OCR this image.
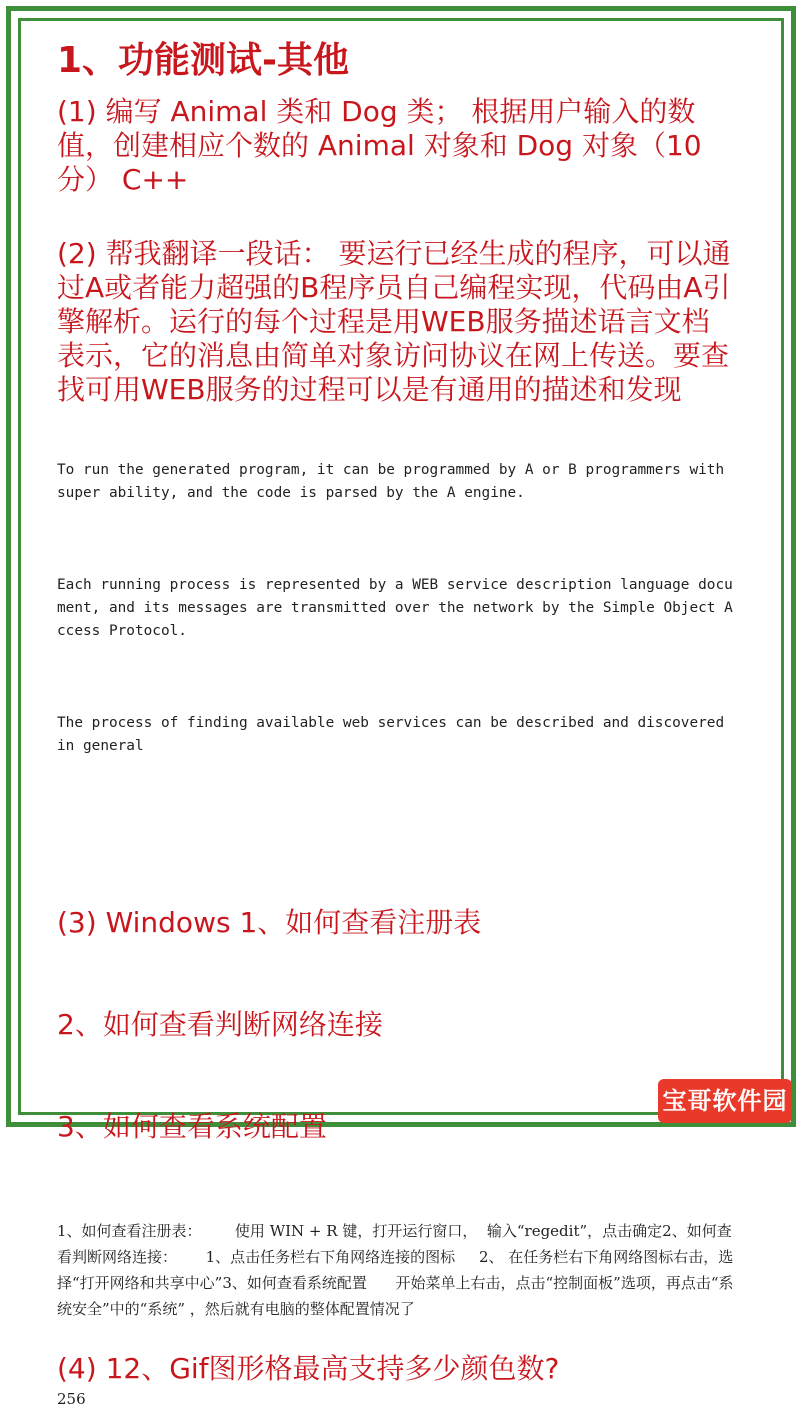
1、功能测试-其他
(1) 编写 Animal 类和 Dog 类； 根据用户输入的数值，创建相应个数的 Animal 对象和 Dog 对象（10分） C++
(2) 帮我翻译一段话： 要运行已经生成的程序，可以通过A或者能力超强的B程序员自己编程实现，代码由A引擎解析。运行的每个过程是用WEB服务描述语言文档表示，它的消息由简单对象访问协议在网上传送。要查找可用WEB服务的过程可以是有通用的描述和发现

To run the generated program, it can be programmed by A or B programmers with super ability, and the code is parsed by the A engine.

Each running process is represented by a WEB service description language document, and its messages are transmitted over the network by the Simple Object Access Protocol.

The process of finding available web services can be described and discovered in general

(3) Windows 1、如何查看注册表

2、如何查看判断网络连接

3、如何查看系统配置

1、如何查看注册表：       使用 WIN + R 键，打开运行窗口，  输入“regedit”，点击确定2、如何查看判断网络连接：      1、点击任务栏右下角网络连接的图标     2、 在任务栏右下角网络图标右击，选择“打开网络和共享中心”3、如何查看系统配置      开始菜单上右击，点击“控制面板”选项，再点击“系统安全”中的“系统” ，然后就有电脑的整体配置情况了
(4) 12、Gif图形格最高支持多少颜色数?
256
宝哥软件园
